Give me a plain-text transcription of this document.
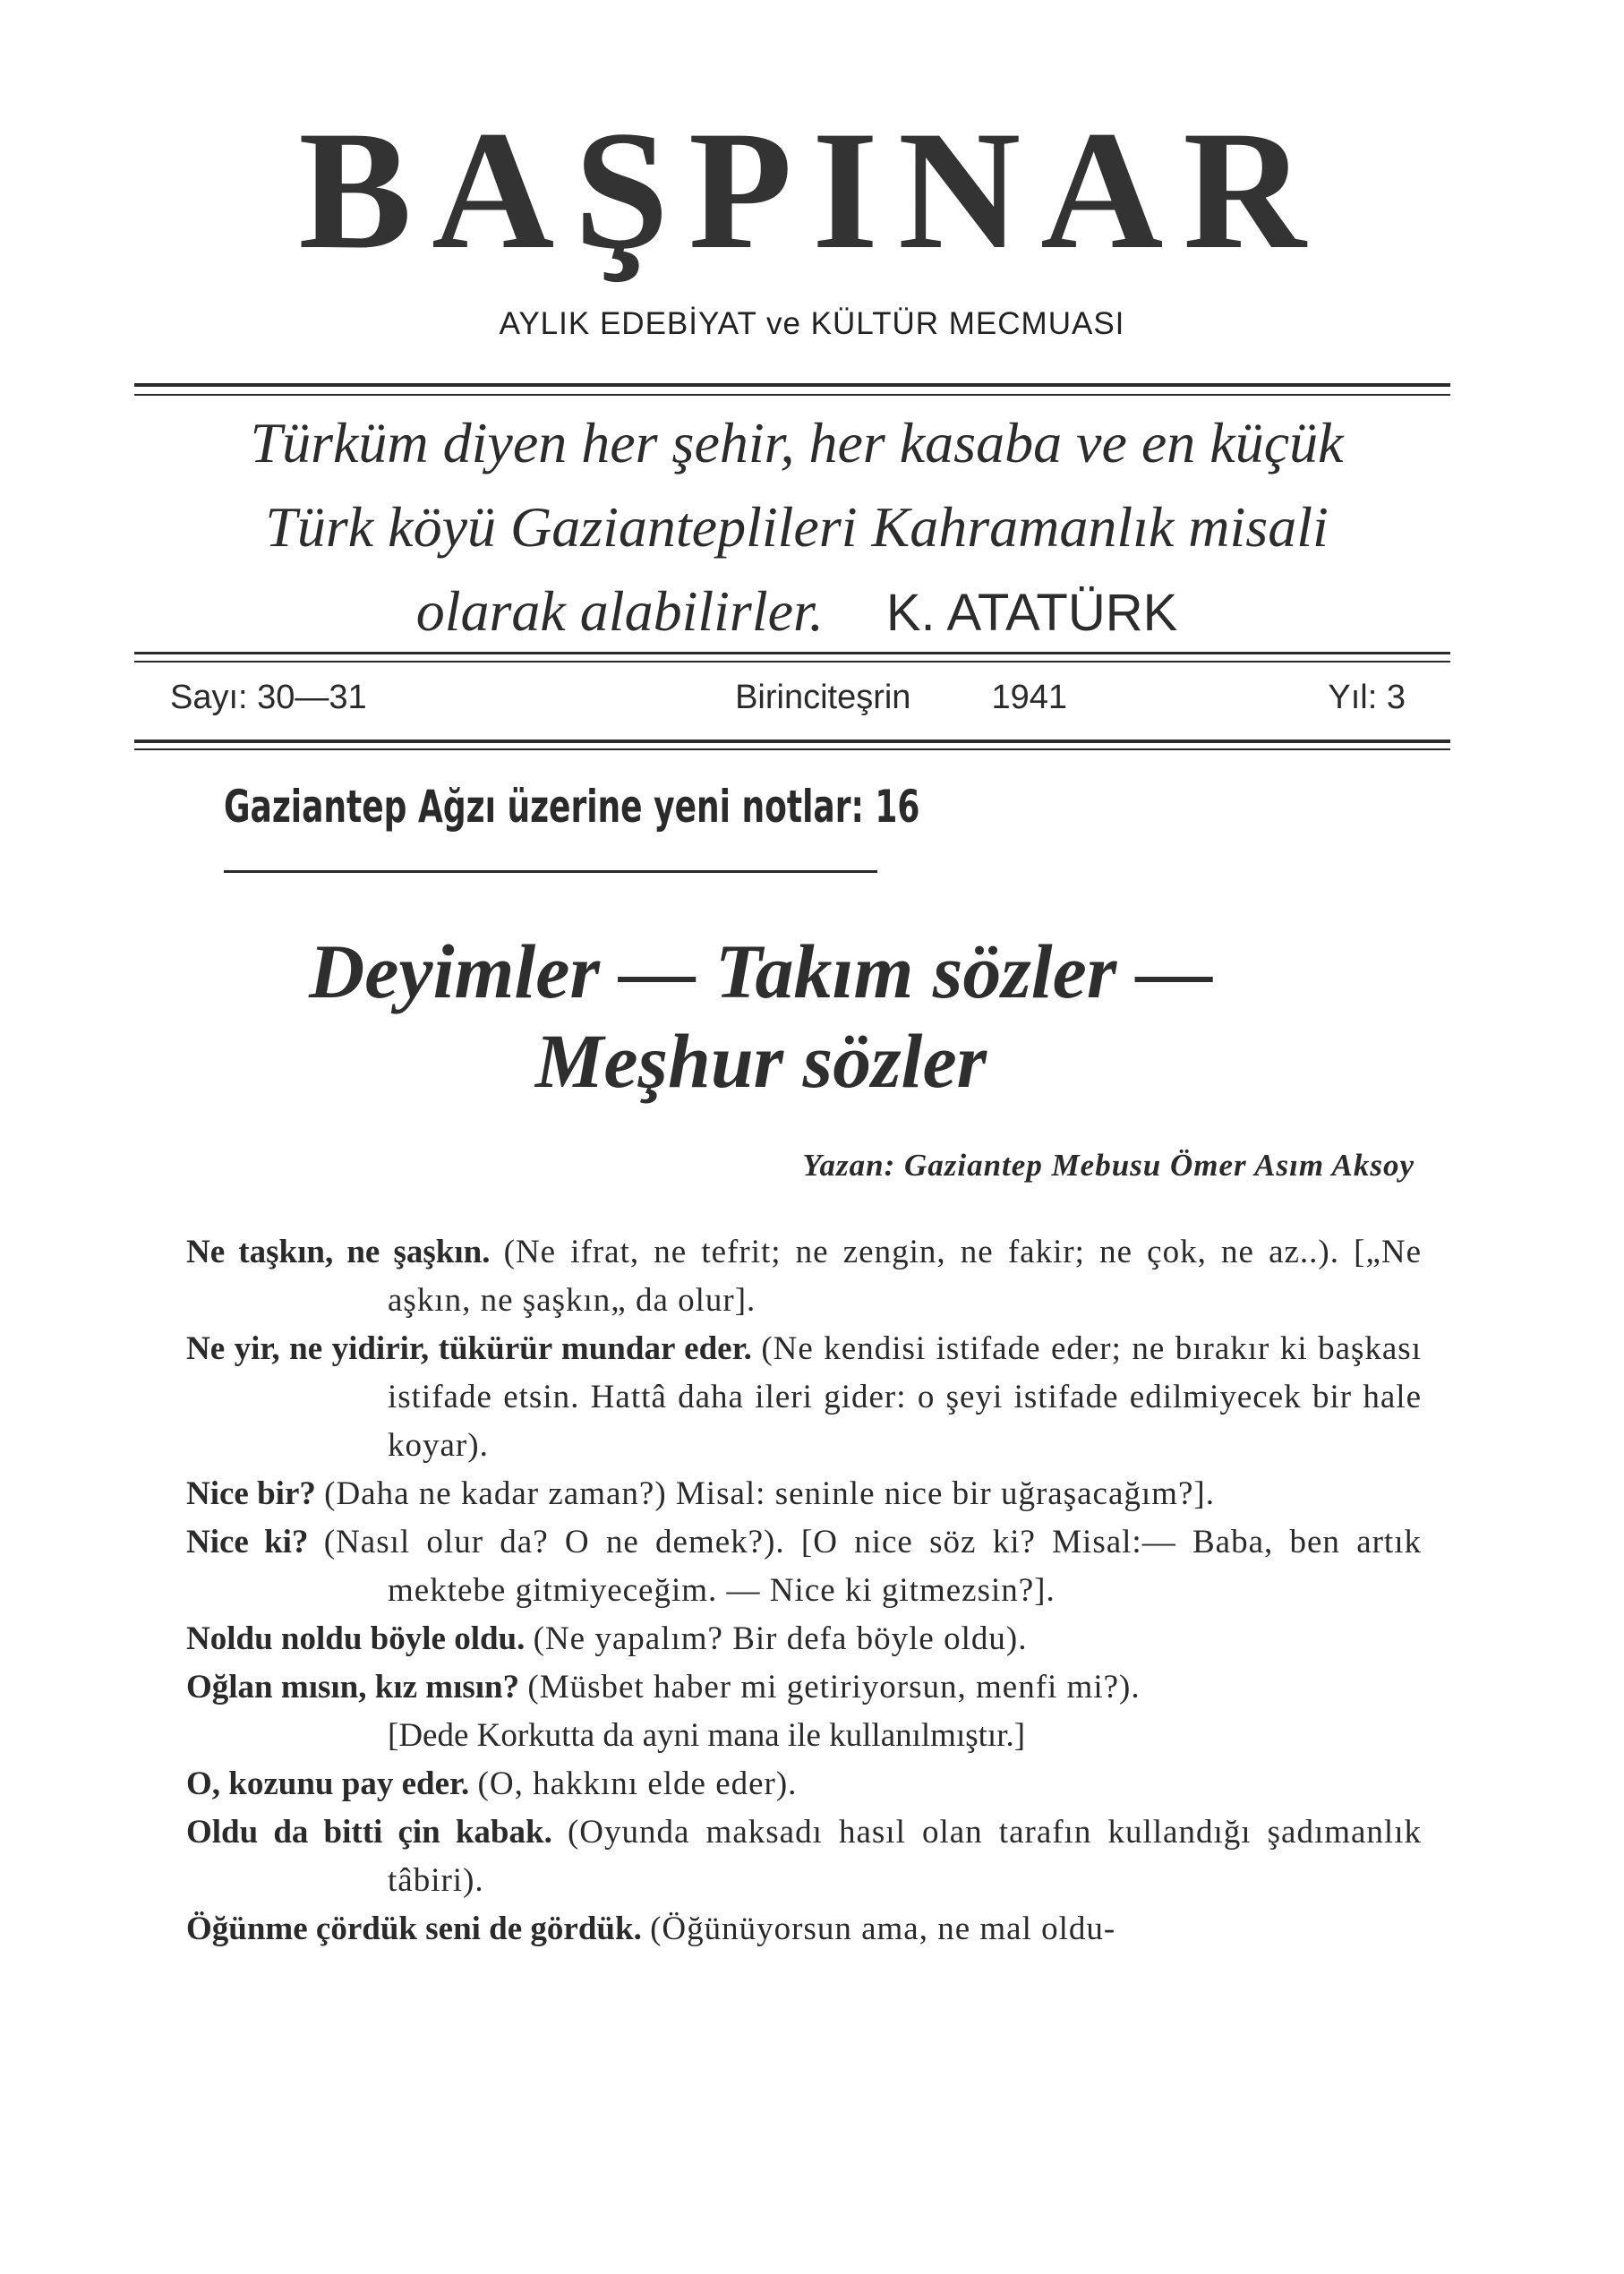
BAŞPINAR
AYLIK EDEBİYAT ve KÜLTÜR MECMUASI
Türküm diyen her şehir, her kasaba ve en küçük
Türk köyü Gazianteplileri Kahramanlık misali
olarak alabilirler. K. ATATÜRK
Sayı: 30—31	Birinciteşrin 1941	Yıl: 3
Gaziantep Ağzı üzerine yeni notlar: 16
Deyimler — Takım sözler —
Meşhur sözler
Yazan: Gaziantep Mebusu Ömer Asım Aksoy
Ne taşkın, ne şaşkın. (Ne ifrat, ne tefrit; ne zengin, ne fakir; ne çok, ne az..). [„Ne aşkın, ne şaşkın„ da olur].
Ne yir, ne yidirir, tükürür mundar eder. (Ne kendisi istifade eder; ne bırakır ki başkası istifade etsin. Hattâ daha ileri gider: o şeyi istifade edilmiyecek bir hale koyar).
Nice bir? (Daha ne kadar zaman?) Misal: seninle nice bir uğraşacağım?].
Nice ki? (Nasıl olur da? O ne demek?). [O nice söz ki? Misal:— Baba, ben artık mektebe gitmiyeceğim. — Nice ki gitmezsin?].
Noldu noldu böyle oldu. (Ne yapalım? Bir defa böyle oldu).
Oğlan mısın, kız mısın? (Müsbet haber mi getiriyorsun, menfi mi?).
[Dede Korkutta da ayni mana ile kullanılmıştır.]
O, kozunu pay eder. (O, hakkını elde eder).
Oldu da bitti çin kabak. (Oyunda maksadı hasıl olan tarafın kullandığı şadımanlık tâbiri).
Öğünme çördük seni de gördük. (Öğünüyorsun ama, ne mal oldu-
